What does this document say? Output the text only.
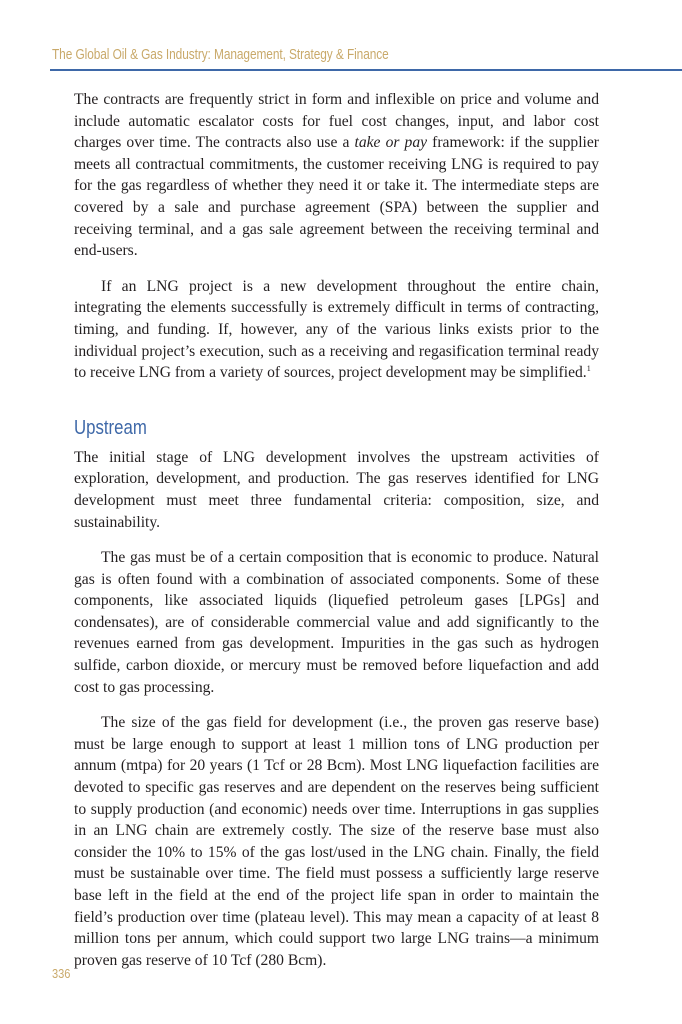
The Global Oil & Gas Industry: Management, Strategy & Finance

The contracts are frequently strict in form and inflexible on price and volume and include automatic escalator costs for fuel cost changes, input, and labor cost charges over time. The contracts also use a take or pay framework: if the supplier meets all contractual commitments, the customer receiving LNG is required to pay for the gas regardless of whether they need it or take it. The intermediate steps are covered by a sale and purchase agreement (SPA) between the supplier and receiving terminal, and a gas sale agreement between the receiving terminal and end-users.

If an LNG project is a new development throughout the entire chain, integrating the elements successfully is extremely difficult in terms of contracting, timing, and funding. If, however, any of the various links exists prior to the individual project’s execution, such as a receiving and regasification terminal ready to receive LNG from a variety of sources, project development may be simplified.$^1$

Upstream

The initial stage of LNG development involves the upstream activities of exploration, development, and production. The gas reserves identified for LNG development must meet three fundamental criteria: composition, size, and sustainability.

The gas must be of a certain composition that is economic to produce. Natural gas is often found with a combination of associated components. Some of these components, like associated liquids (liquefied petroleum gases [LPGs] and condensates), are of considerable commercial value and add significantly to the revenues earned from gas development. Impurities in the gas such as hydrogen sulfide, carbon dioxide, or mercury must be removed before liquefaction and add cost to gas processing.

The size of the gas field for development (i.e., the proven gas reserve base) must be large enough to support at least 1 million tons of LNG production per annum (mtpa) for 20 years (1 Tcf or 28 Bcm). Most LNG liquefaction facilities are devoted to specific gas reserves and are dependent on the reserves being sufficient to supply production (and economic) needs over time. Interruptions in gas supplies in an LNG chain are extremely costly. The size of the reserve base must also consider the 10% to 15% of the gas lost/used in the LNG chain. Finally, the field must be sustainable over time. The field must possess a sufficiently large reserve base left in the field at the end of the project life span in order to maintain the field’s production over time (plateau level). This may mean a capacity of at least 8 million tons per annum, which could support two large LNG trains—a minimum proven gas reserve of 10 Tcf (280 Bcm).

336
